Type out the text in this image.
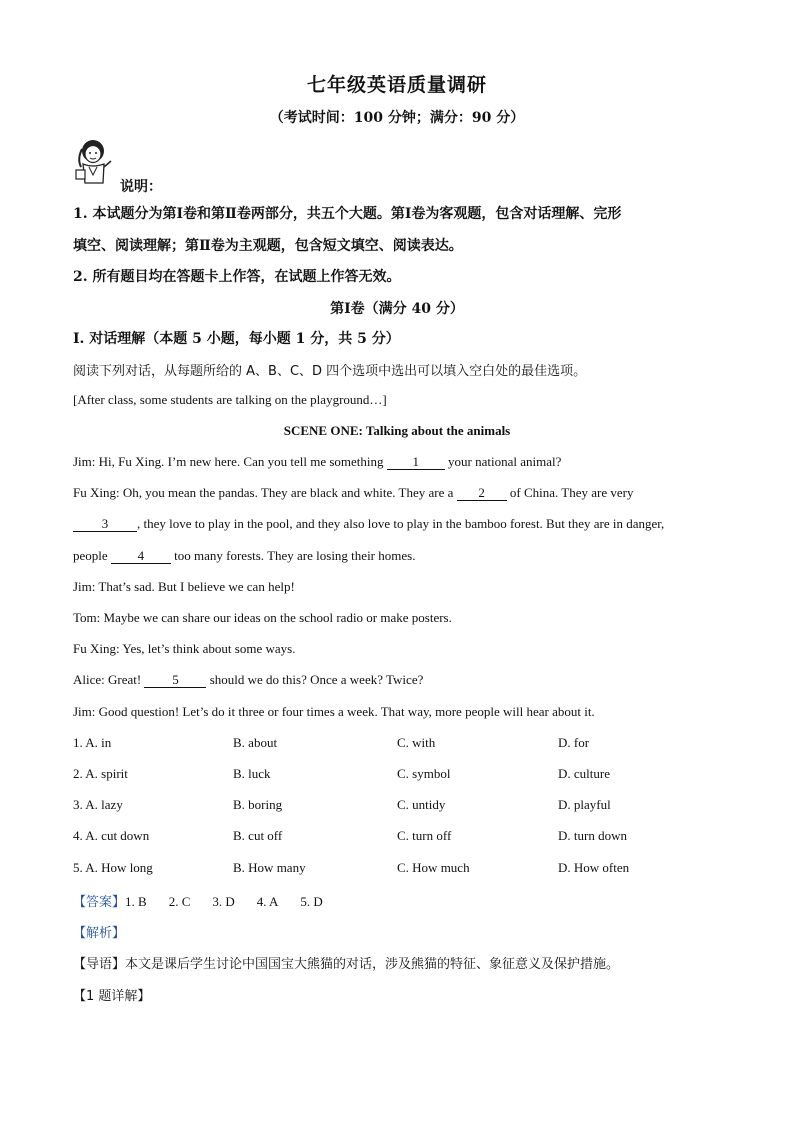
七年级英语质量调研
（考试时间：100 分钟；满分：90 分）
说明：
1. 本试题分为第Ⅰ卷和第Ⅱ卷两部分，共五个大题。第Ⅰ卷为客观题，包含对话理解、完形
填空、阅读理解；第Ⅱ卷为主观题，包含短文填空、阅读表达。
2. 所有题目均在答题卡上作答，在试题上作答无效。
第Ⅰ卷（满分 40 分）
Ⅰ. 对话理解（本题 5 小题，每小题 1 分，共 5 分）
阅读下列对话，从每题所给的 A、B、C、D 四个选项中选出可以填入空白处的最佳选项。
[After class, some students are talking on the playground…]
SCENE ONE: Talking about the animals
Jim: Hi, Fu Xing. I’m new here. Can you tell me something 1 your national animal?
Fu Xing: Oh, you mean the pandas. They are black and white. They are a 2 of China. They are very
3 , they love to play in the pool, and they also love to play in the bamboo forest. But they are in danger,
people 4 too many forests. They are losing their homes.
Jim: That’s sad. But I believe we can help!
Tom: Maybe we can share our ideas on the school radio or make posters.
Fu Xing: Yes, let’s think about some ways.
Alice: Great! 5 should we do this? Once a week? Twice?
Jim: Good question! Let’s do it three or four times a week. That way, more people will hear about it.
1. A. in	B. about	C. with	D. for
2. A. spirit	B. luck	C. symbol	D. culture
3. A. lazy	B. boring	C. untidy	D. playful
4. A. cut down	B. cut off	C. turn off	D. turn down
5. A. How long	B. How many	C. How much	D. How often
【答案】1. B 2. C 3. D 4. A 5. D
【解析】
【导语】本文是课后学生讨论中国国宝大熊猫的对话，涉及熊猫的特征、象征意义及保护措施。
【1 题详解】
